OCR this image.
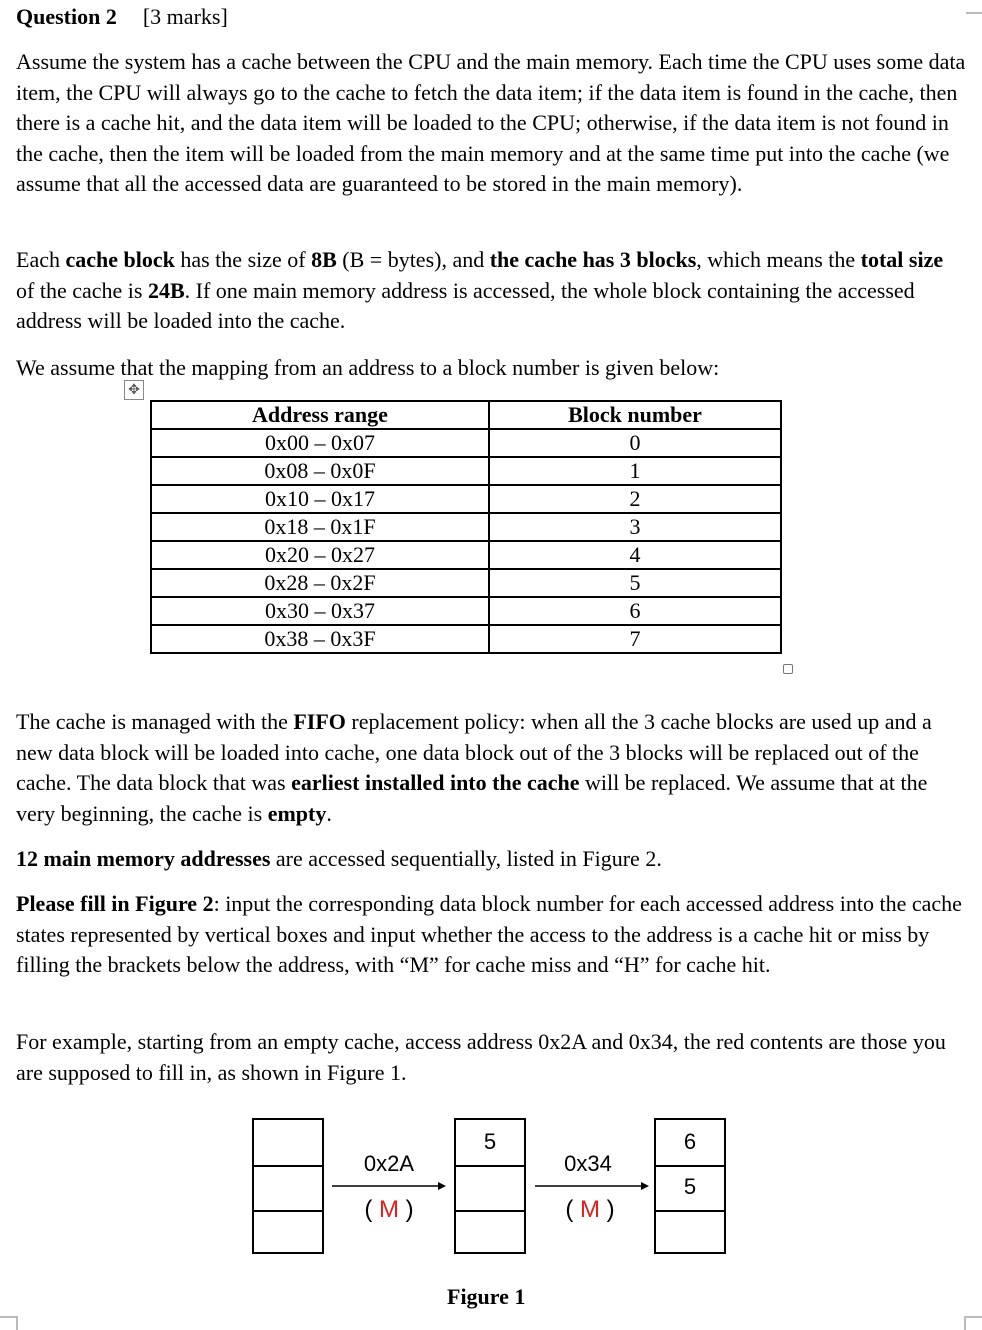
Question 2 [3 marks]

Assume the system has a cache between the CPU and the main memory. Each time the CPU uses some data item, the CPU will always go to the cache to fetch the data item; if the data item is found in the cache, then there is a cache hit, and the data item will be loaded to the CPU; otherwise, if the data item is not found in the cache, then the item will be loaded from the main memory and at the same time put into the cache (we assume that all the accessed data are guaranteed to be stored in the main memory).

Each cache block has the size of 8B (B = bytes), and the cache has 3 blocks, which means the total size of the cache is 24B. If one main memory address is accessed, the whole block containing the accessed address will be loaded into the cache.

We assume that the mapping from an address to a block number is given below:

✥
Address range	Block number
0x00 – 0x07	0
0x08 – 0x0F	1
0x10 – 0x17	2
0x18 – 0x1F	3
0x20 – 0x27	4
0x28 – 0x2F	5
0x30 – 0x37	6
0x38 – 0x3F	7

The cache is managed with the FIFO replacement policy: when all the 3 cache blocks are used up and a new data block will be loaded into cache, one data block out of the 3 blocks will be replaced out of the cache. The data block that was earliest installed into the cache will be replaced. We assume that at the very beginning, the cache is empty.

12 main memory addresses are accessed sequentially, listed in Figure 2.

Please fill in Figure 2: input the corresponding data block number for each accessed address into the cache states represented by vertical boxes and input whether the access to the address is a cache hit or miss by filling the brackets below the address, with “M” for cache miss and “H” for cache hit.

For example, starting from an empty cache, access address 0x2A and 0x34, the red contents are those you are supposed to fill in, as shown in Figure 1.

5	6
5
0x2A
( M )
0x34
( M )
Figure 1
